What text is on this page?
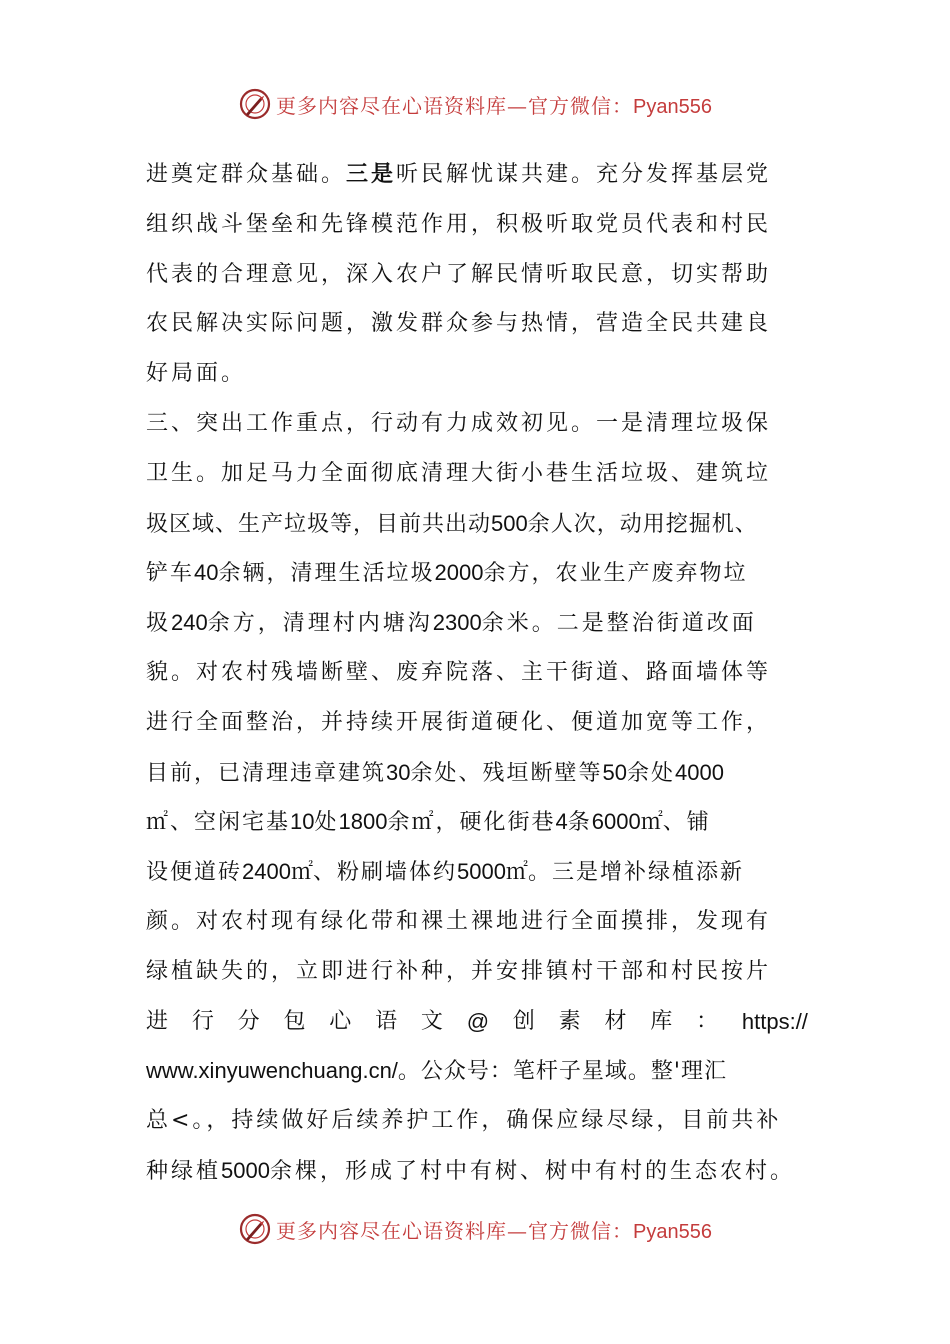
更多内容尽在心语资料库—官方微信：Pyan556
进奠定群众基础。三是听民解忧谋共建。充分发挥基层党
组织战斗堡垒和先锋模范作用，积极听取党员代表和村民
代表的合理意见，深入农户了解民情听取民意，切实帮助
农民解决实际问题，激发群众参与热情，营造全民共建良
好局面。
三、突出工作重点，行动有力成效初见。一是清理垃圾保
卫生。加足马力全面彻底清理大街小巷生活垃圾、建筑垃
圾区域、生产垃圾等，目前共出动500余人次，动用挖掘机、
铲车40余辆，清理生活垃圾2000余方，农业生产废弃物垃
圾240余方，清理村内塘沟2300余米。二是整治街道改面
貌。对农村残墙断壁、废弃院落、主干街道、路面墙体等
进行全面整治，并持续开展街道硬化、便道加宽等工作，
目前，已清理违章建筑30余处、残垣断壁等50余处4000
㎡、空闲宅基10处1800余㎡，硬化街巷4条6000㎡、铺
设便道砖2400㎡、粉刷墙体约5000㎡。三是增补绿植添新
颜。对农村现有绿化带和裸土裸地进行全面摸排，发现有
绿植缺失的，立即进行补种，并安排镇村干部和村民按片
进 行 分 包 心 语 文 @ 创 素 材 库 ： https://
www.xinyuwenchuang.cn/。公众号：笔杆子星域。整'理汇
总<。，持续做好后续养护工作，确保应绿尽绿，目前共补
种绿植5000余棵，形成了村中有树、树中有村的生态农村。
更多内容尽在心语资料库—官方微信：Pyan556
